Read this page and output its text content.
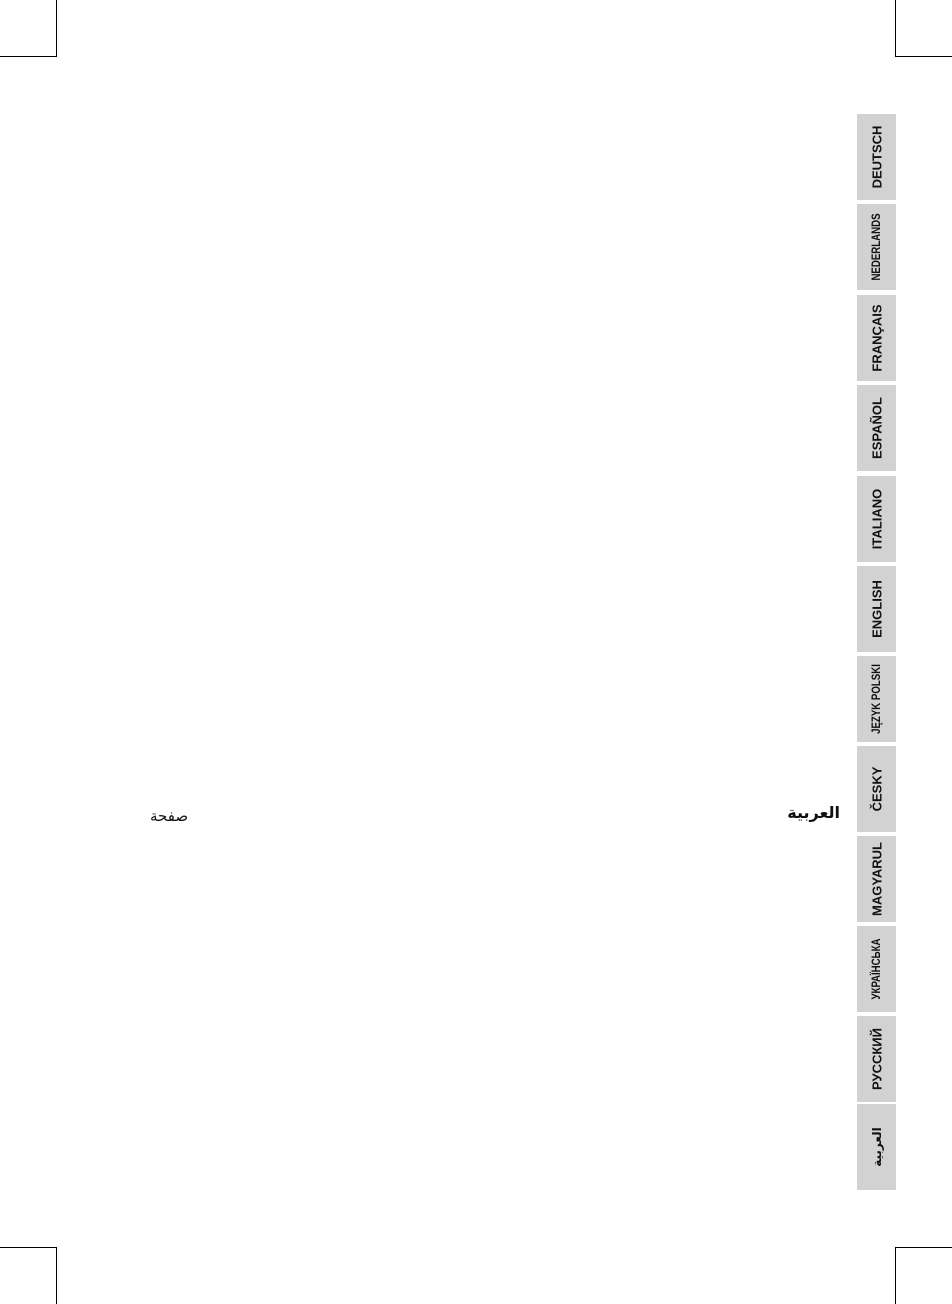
العربية
صفحة
DEUTSCH
NEDERLANDS
FRANÇAIS
ESPAÑOL
ITALIANO
ENGLISH
JĘZYK POLSKI
ČESKY
MAGYARUL
УКРАЇНСЬКА
РУССКИЙ
العربية
